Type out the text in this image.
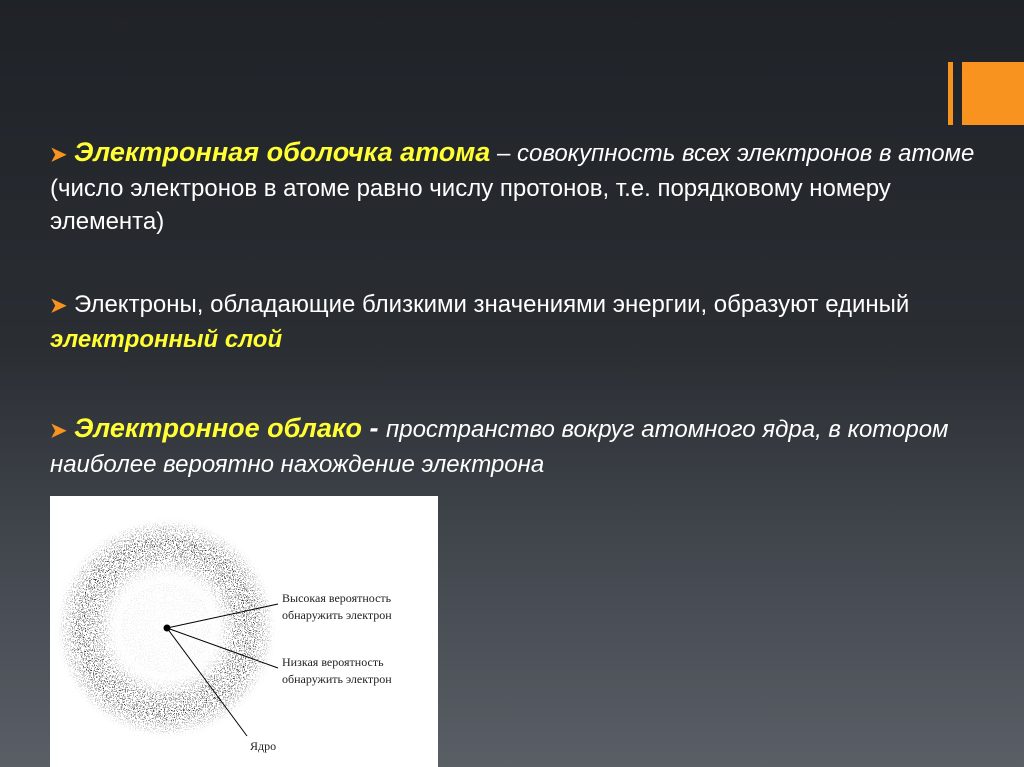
➤ Электронная оболочка атома – совокупность всех электронов в атоме (число электронов в атоме равно числу протонов, т.е. порядковому номеру элемента)
➤ Электроны, обладающие близкими значениями энергии, образуют единый электронный слой
➤ Электронное облако - пространство вокруг атомного ядра, в котором наиболее вероятно нахождение электрона
Высокая вероятность
обнаружить электрон
Низкая вероятность
обнаружить электрон
Ядро
